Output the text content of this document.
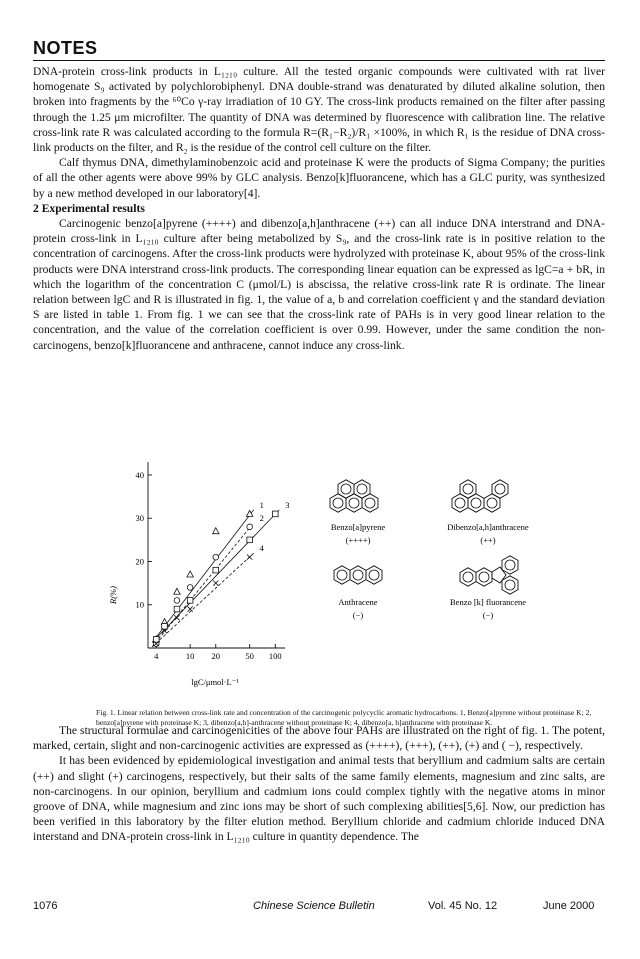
NOTES

DNA-protein cross-link products in L₁₂₁₀ culture. All the tested organic compounds were cultivated with rat liver homogenate S₉ activated by polychlorobiphenyl. DNA double-strand was denaturated by diluted alkaline solution, then broken into fragments by the ⁶⁰Co γ-ray irradiation of 10 GY. The cross-link products remained on the filter after passing through the 1.25 μm microfilter. The quantity of DNA was determined by fluorescence with calibration line. The relative cross-link rate R was calculated according to the formula R=(R₁−R₂)/R₁ ×100%, in which R₁ is the residue of DNA cross-link products on the filter, and R₂ is the residue of the control cell culture on the filter.

Calf thymus DNA, dimethylaminobenzoic acid and proteinase K were the products of Sigma Company; the purities of all the other agents were above 99% by GLC analysis. Benzo[k]fluorancene, which has a GLC purity, was synthesized by a new method developed in our laboratory[4].

2 Experimental results

Carcinogenic benzo[a]pyrene (++++) and dibenzo[a,h]anthracene (++) can all induce DNA interstrand and DNA-protein cross-link in L₁₂₁₀ culture after being metabolized by S₉, and the cross-link rate is in positive relation to the concentration of carcinogens. After the cross-link products were hydrolyzed with proteinase K, about 95% of the cross-link products were DNA interstrand cross-link products. The corresponding linear equation can be expressed as lgC=a + bR, in which the logarithm of the concentration C (μmol/L) is abscissa, the relative cross-link rate R is ordinate. The linear relation between lgC and R is illustrated in fig. 1, the value of a, b and correlation coefficient γ and the standard deviation S are listed in table 1. From fig. 1 we can see that the cross-link rate of PAHs is in very good linear relation to the concentration, and the value of the correlation coefficient is over 0.99. However, under the same condition the non-carcinogens, benzo[k]fluorancene and anthracene, cannot induce any cross-link.

10
20
30
40
4	10 20	50 100
1
2
3
4
R(%)
lgC/μmol·L⁻¹
Benzo[a]pyrene
(++++)
Dibenzo[a,h]anthracene
(++)
Anthracene
(−)
Benzo [k] fluorancene
(−)
Fig. 1. Linear relation between cross-link rate and concentration of the carcinogenic polycyclic aromatic hydrocarbons. 1, Benzo[a]pyrene without proteinase K; 2, benzo[a]pyrene with proteinase K; 3, dibenzo[a,h]-anthracene without proteinase K; 4, dibenzo[a, h]anthracene with proteinase K.

The structural formulae and carcinogenicities of the above four PAHs are illustrated on the right of fig. 1. The potent, marked, certain, slight and non-carcinogenic activities are expressed as (++++), (+++), (++), (+) and ( −), respectively.

It has been evidenced by epidemiological investigation and animal tests that beryllium and cadmium salts are certain (++) and slight (+) carcinogens, respectively, but their salts of the same family elements, magnesium and zinc salts, are non-carcinogens. In our opinion, beryllium and cadmium ions could complex tightly with the negative atoms in minor groove of DNA, while magnesium and zinc ions may be short of such complexing abilities[5,6]. Now, our prediction has been verified in this laboratory by the filter elution method. Beryllium chloride and cadmium chloride induced DNA interstand and DNA-protein cross-link in L₁₂₁₀ culture in quantity dependence. The

1076	Chinese Science Bulletin	Vol. 45 No. 12	June 2000
